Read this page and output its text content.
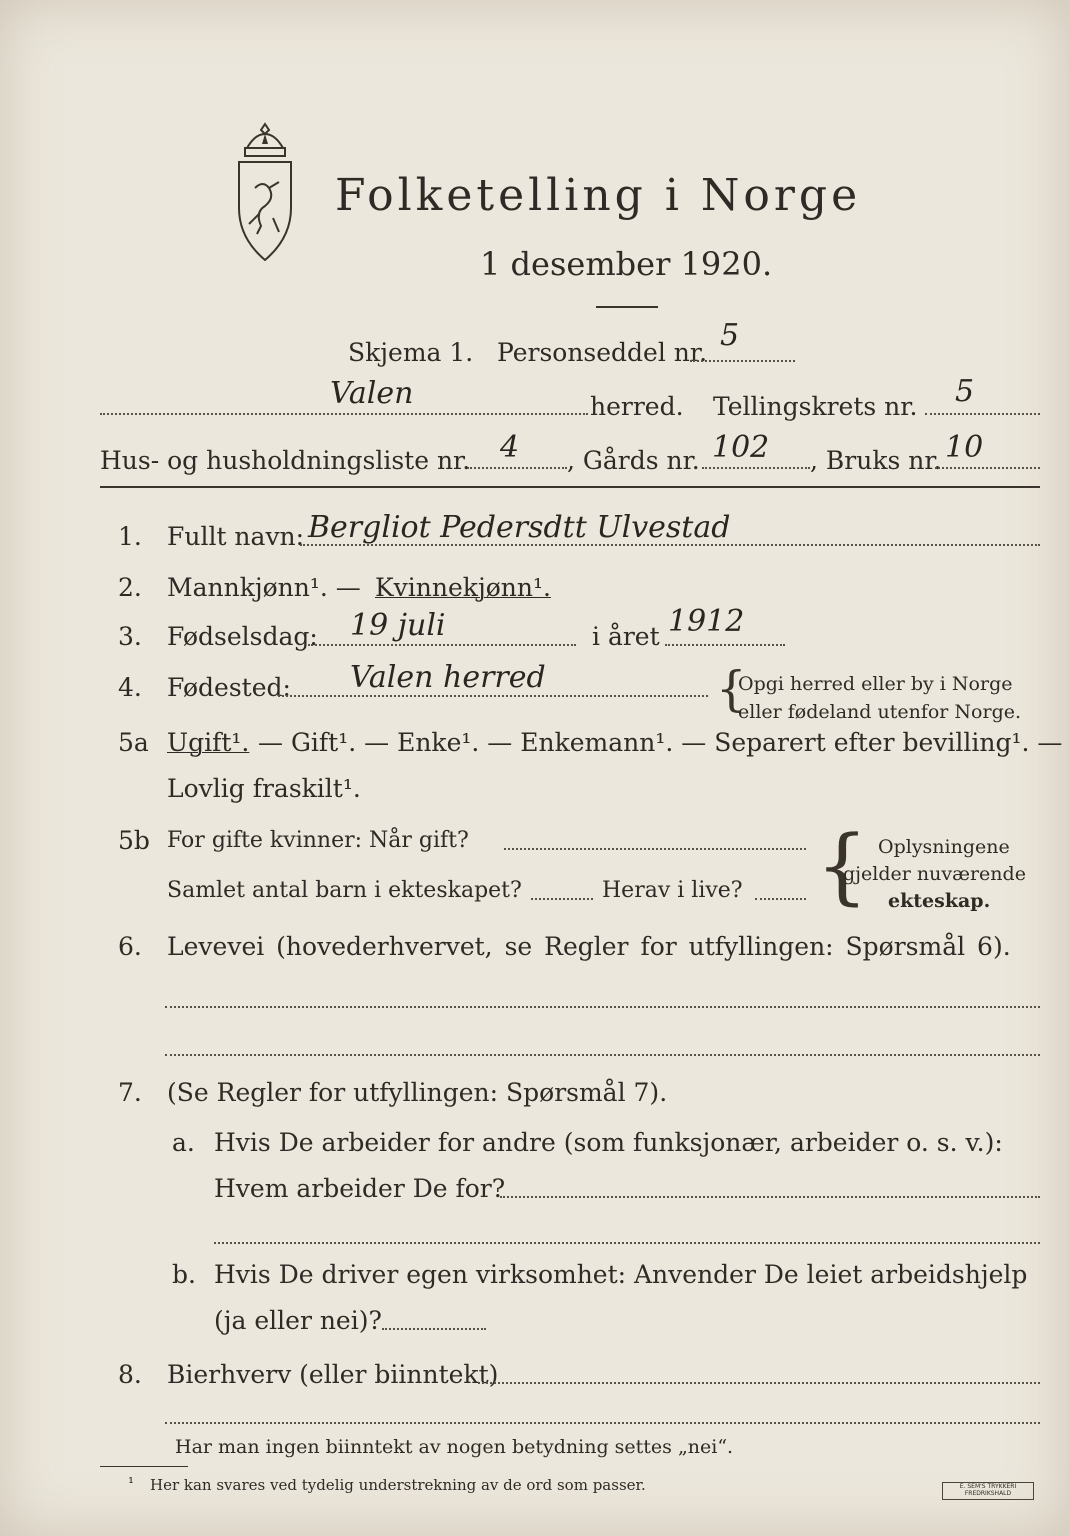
Folketelling i Norge
1 desember 1920.
Skjema 1. Personseddel nr. 5
Valen	herred. Tellingskrets nr. 5
Hus- og husholdningsliste nr. 4 , Gårds nr. 102 , Bruks nr. 10
1. Fullt navn: Bergliot Pedersdtt Ulvestad
2. Mannkjønn¹. — Kvinnekjønn¹.
3. Fødselsdag: 19 juli	i året 1912
4. Fødested: Valen herred	{
Opgi herred eller by i Norge
eller fødeland utenfor Norge.
5a Ugift¹. — Gift¹. — Enke¹. — Enkemann¹. — Separert efter bevilling¹. —
Lovlig fraskilt¹.
5b For gifte kvinner: Når gift?
Samlet antal barn i ekteskapet?	Herav i live? { Oplysningene
gjelder nuværende
ekteskap.
6. Levevei (hovederhvervet, se Regler for utfyllingen: Spørsmål 6).
7. (Se Regler for utfyllingen: Spørsmål 7).
a. Hvis De arbeider for andre (som funksjonær, arbeider o. s. v.):
Hvem arbeider De for?
b. Hvis De driver egen virksomhet: Anvender De leiet arbeidshjelp
(ja eller nei)?
8. Bierhverv (eller biinntekt)
Har man ingen biinntekt av nogen betydning settes „nei“.
¹ Her kan svares ved tydelig understrekning av de ord som passer.	E. SEM'S TRYKKERI FREDRIKSHALD
